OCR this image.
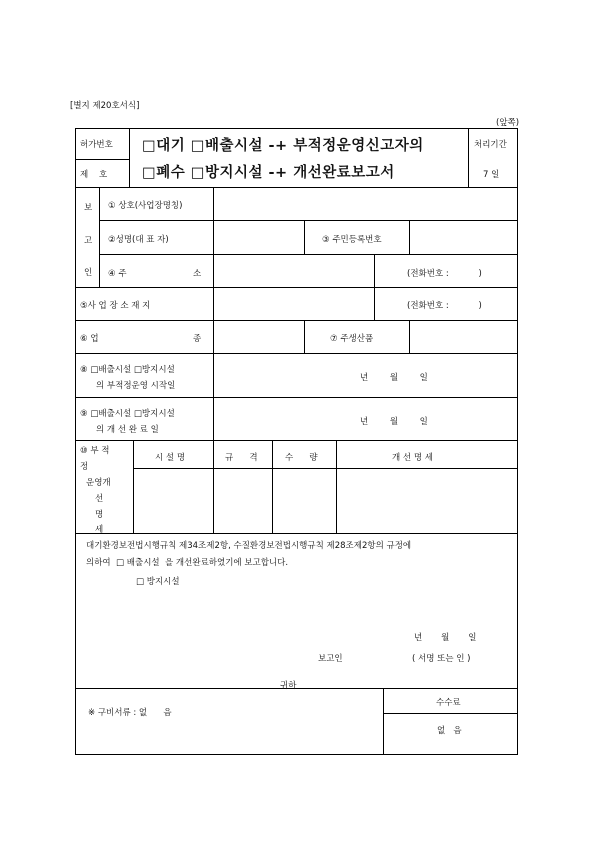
[별지 제20호서식]
(앞쪽)
허가번호
제    호
□대기 □배출시설 -+ 부적정운영신고자의
□폐수 □방지시설 -+ 개선완료보고서
처리기간
7 일
보
고
인
① 상호(사업장명칭)
②성명(대 표 자)	③ 주민등록번호
④ 주	소	(전화번호 :           )
⑤사 업 장 소 재 지	(전화번호 :           )
⑥ 업	종	⑦ 주생산품
⑧ □배출시설 □방지시설
의 부적정운영 시작일
년        월        일
⑨ □배출시설 □방지시설
의 개 선 완 료 일
년        월        일
⑩ 부 적
정
운영개
선
명
세
시 설 명	규      격	수      량	개 선 명 세
대기환경보전법시행규칙 제34조제2항, 수질환경보전법시행규칙 제28조제2항의 규정에
의하여  □ 배출시설  을 개선완료하였기에 보고합니다.
□ 방지시설
년       월       일
보고인	( 서명 또는 인 )
귀하
※ 구비서류 : 없      음
수수료
없   음
